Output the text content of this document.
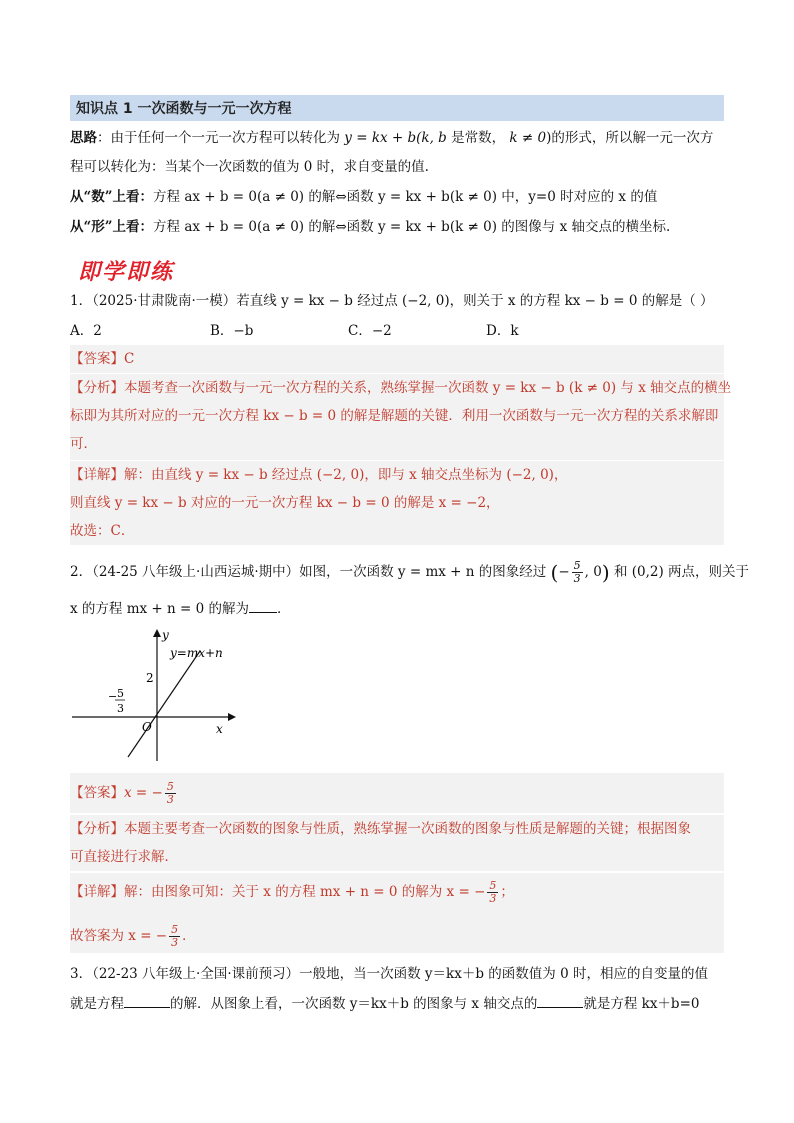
知识点 1 一次函数与一元一次方程
思路：由于任何一个一元一次方程可以转化为 y = kx + b(k, b 是常数， k ≠ 0)的形式，所以解一元一次方
程可以转化为：当某个一次函数的值为 0 时，求自变量的值.
从“数”上看：方程 ax + b = 0(a ≠ 0) 的解⇔函数 y = kx + b(k ≠ 0) 中，y=0 时对应的 x 的值
从“形”上看：方程 ax + b = 0(a ≠ 0) 的解⇔函数 y = kx + b(k ≠ 0) 的图像与 x 轴交点的横坐标.
即学即练
1．（2025·甘肃陇南·一模）若直线 y = kx − b 经过点 (−2, 0)，则关于 x 的方程 kx − b = 0 的解是（ ）
A．2	B．−b	C．−2	D．k
【答案】C
【分析】本题考查一次函数与一元一次方程的关系，熟练掌握一次函数 y = kx − b (k ≠ 0) 与 x 轴交点的横坐
标即为其所对应的一元一次方程 kx − b = 0 的解是解题的关键．利用一次函数与一元一次方程的关系求解即
可．
【详解】解：由直线 y = kx − b 经过点 (−2, 0)，即与 x 轴交点坐标为 (−2, 0)，
则直线 y = kx − b 对应的一元一次方程 kx − b = 0 的解是 x = −2，
故选：C．
2．（24-25 八年级上·山西运城·期中）如图，一次函数 y = mx + n 的图象经过 (− $\frac{5}{3}$ , 0) 和 (0,2) 两点，则关于
x 的方程 mx + n = 0 的解为 ．
y=mx+n
y
x
O
2
− 5
3
【答案】x = − $\frac{5}{3}$
【分析】本题主要考查一次函数的图象与性质，熟练掌握一次函数的图象与性质是解题的关键；根据图象
可直接进行求解．
【详解】解：由图象可知：关于 x 的方程 mx + n = 0 的解为 x = − $\frac{5}{3}$ ；
故答案为 x = − $\frac{5}{3}$ ．
3．（22-23 八年级上·全国·课前预习）一般地，当一次函数 y＝kx＋b 的函数值为 0 时，相应的自变量的值
就是方程	的解．从图象上看，一次函数 y＝kx＋b 的图象与 x 轴交点的	就是方程 kx＋b=0
